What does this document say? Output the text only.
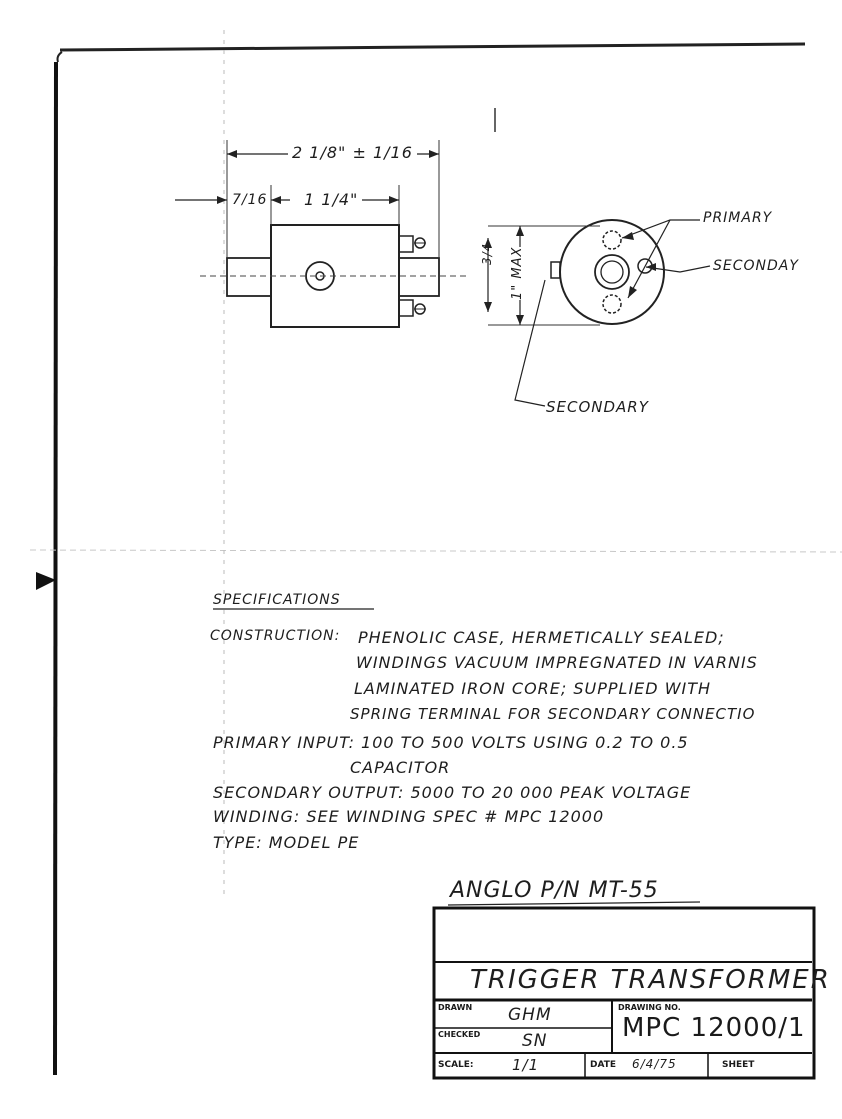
2 1/8" ± 1/16
7/16 1 1/4"
3/4 1" MAX
PRIMARY
SECONDAY
SECONDARY
SPECIFICATIONS
CONSTRUCTION: PHENOLIC CASE, HERMETICALLY SEALED;
WINDINGS VACUUM IMPREGNATED IN VARNIS
LAMINATED IRON CORE; SUPPLIED WITH
SPRING TERMINAL FOR SECONDARY CONNECTIO
PRIMARY INPUT: 100 TO 500 VOLTS USING 0.2 TO 0.5
CAPACITOR
SECONDARY OUTPUT: 5000 TO 20 000 PEAK VOLTAGE
WINDING: SEE WINDING SPEC # MPC 12000
TYPE: MODEL PE
ANGLO P/N MT-55
TRIGGER TRANSFORMER
DRAWN GHM
CHECKED SN
DRAWING NO.
MPC 12000/1
SCALE:	1/1	DATE 6/4/75	SHEET
